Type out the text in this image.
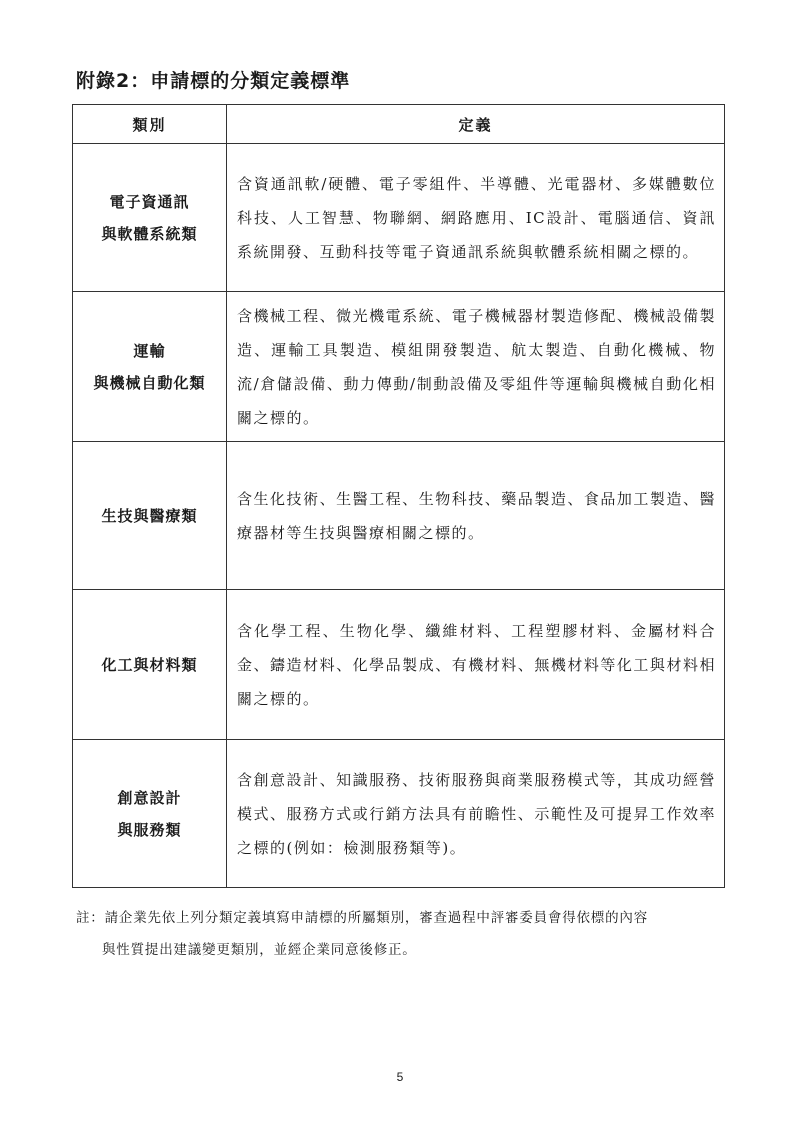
附錄2：申請標的分類定義標準
類別	定義

電子資通訊
與軟體系統類	含資通訊軟/硬體、電子零組件、半導體、光電器材、多媒體數位科技、人工智慧、物聯網、網路應用、IC設計、電腦通信、資訊系統開發、互動科技等電子資通訊系統與軟體系統相關之標的。

運輸
與機械自動化類	含機械工程、微光機電系統、電子機械器材製造修配、機械設備製造、運輸工具製造、模組開發製造、航太製造、自動化機械、物流/倉儲設備、動力傳動/制動設備及零組件等運輸與機械自動化相關之標的。

生技與醫療類	含生化技術、生醫工程、生物科技、藥品製造、食品加工製造、醫療器材等生技與醫療相關之標的。

化工與材料類	含化學工程、生物化學、纖維材料、工程塑膠材料、金屬材料合金、鑄造材料、化學品製成、有機材料、無機材料等化工與材料相關之標的。

創意設計
與服務類	含創意設計、知識服務、技術服務與商業服務模式等，其成功經營模式、服務方式或行銷方法具有前瞻性、示範性及可提昇工作效率之標的(例如：檢測服務類等)。
註：請企業先依上列分類定義填寫申請標的所屬類別，審查過程中評審委員會得依標的內容
與性質提出建議變更類別，並經企業同意後修正。
5
